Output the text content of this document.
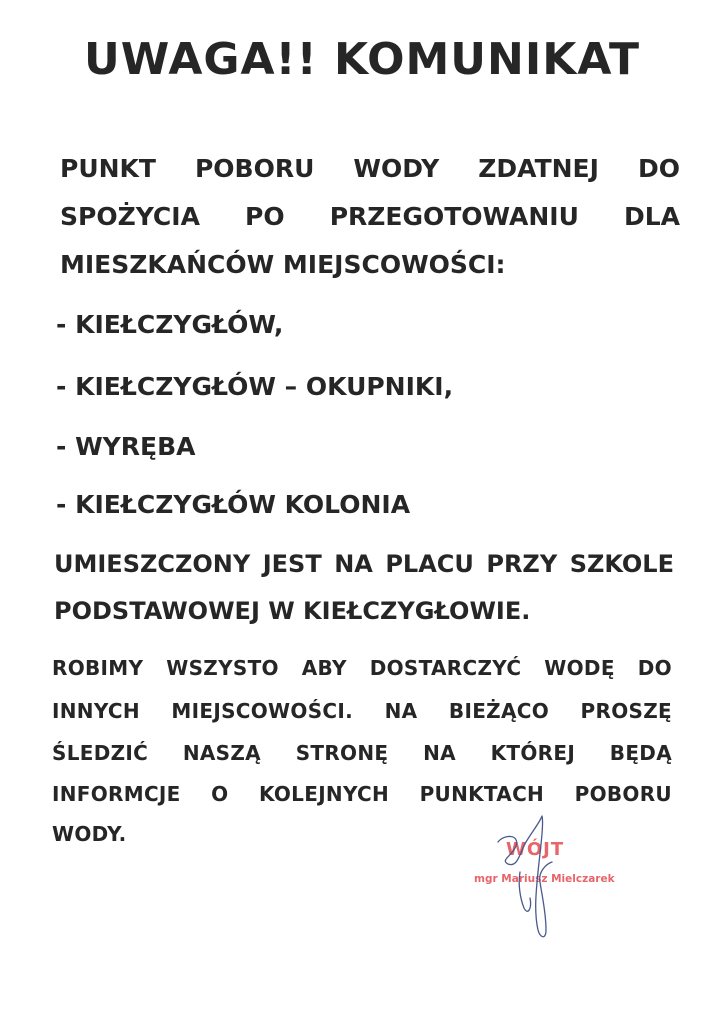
UWAGA!! KOMUNIKAT
PUNKT POBORU WODY ZDATNEJ DO
SPOŻYCIA PO PRZEGOTOWANIU DLA
MIESZKAŃCÓW MIEJSCOWOŚCI:
- KIEŁCZYGŁÓW,
- KIEŁCZYGŁÓW – OKUPNIKI,
- WYRĘBA
- KIEŁCZYGŁÓW KOLONIA
UMIESZCZONY JEST NA PLACU PRZY SZKOLE
PODSTAWOWEJ W KIEŁCZYGŁOWIE.
ROBIMY WSZYSTO ABY DOSTARCZYĆ WODĘ DO
INNYCH MIEJSCOWOŚCI. NA BIEŻĄCO PROSZĘ
ŚLEDZIĆ NASZĄ STRONĘ NA KTÓREJ BĘDĄ
INFORMCJE O KOLEJNYCH PUNKTACH POBORU
WODY.
WÓJT
mgr Mariusz Mielczarek
